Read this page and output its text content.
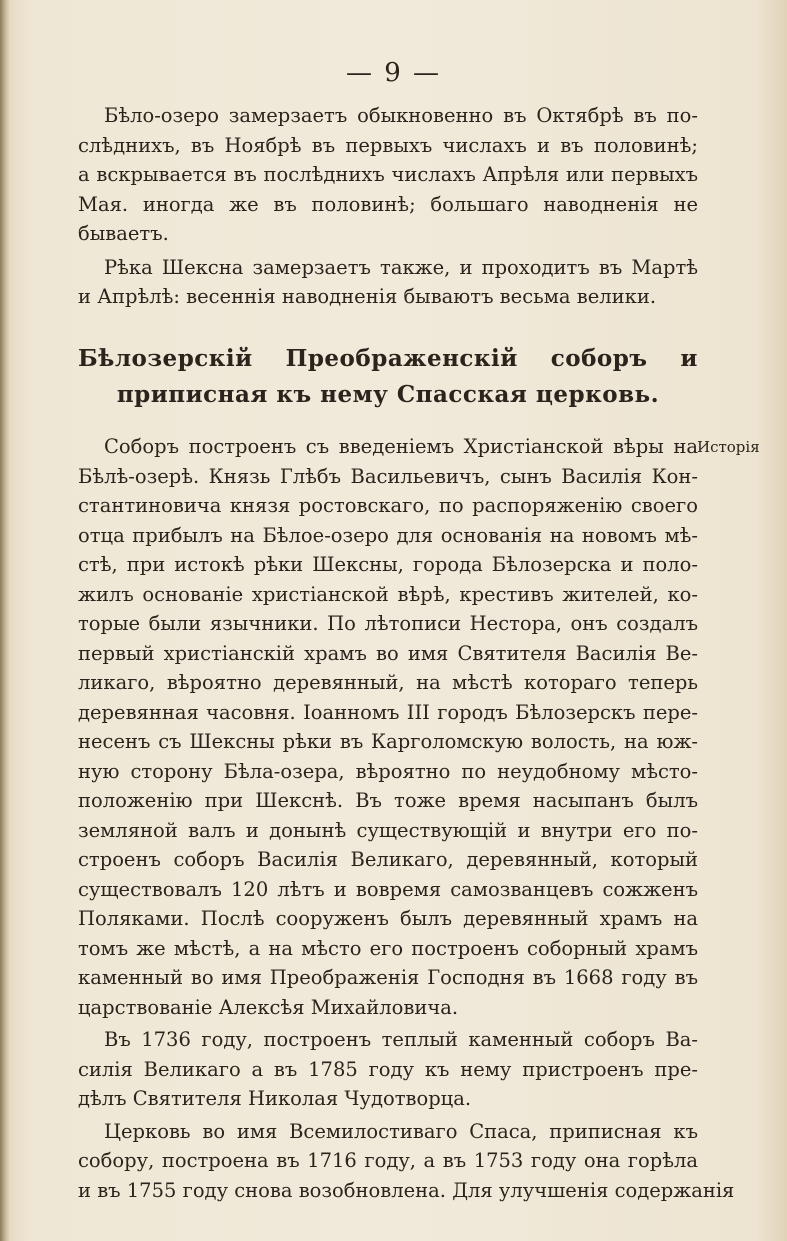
— 9 —
Бѣло-озеро замерзаетъ обыкновенно въ Октябрѣ въ по-
слѣднихъ, въ Ноябрѣ въ первыхъ числахъ и въ половинѣ;
а вскрывается въ послѣднихъ числахъ Апрѣля или первыхъ
Мая. иногда же въ половинѣ; большаго наводненія не
бываетъ.
Рѣка Шексна замерзаетъ также, и проходитъ въ Мартѣ
и Апрѣлѣ: весеннія наводненія бываютъ весьма велики.
Бѣлозерскій Преображенскій соборъ и
приписная къ нему Спасская церковь.
Исторія
Соборъ построенъ съ введеніемъ Христіанской вѣры на
Бѣлѣ-озерѣ. Князь Глѣбъ Васильевичъ, сынъ Василія Кон-
стантиновича князя ростовскаго, по распоряженію своего
отца прибылъ на Бѣлое-озеро для основанія на новомъ мѣ-
стѣ, при истокѣ рѣки Шексны, города Бѣлозерска и поло-
жилъ основаніе христіанской вѣрѣ, крестивъ жителей, ко-
торые были язычники. По лѣтописи Нестора, онъ создалъ
первый христіанскій храмъ во имя Святителя Василія Ве-
ликаго, вѣроятно деревянный, на мѣстѣ котораго теперь
деревянная часовня. Іоанномъ III городъ Бѣлозерскъ пере-
несенъ съ Шексны рѣки въ Карголомскую волость, на юж-
ную сторону Бѣла-озера, вѣроятно по неудобному мѣсто-
положенію при Шекснѣ. Въ тоже время насыпанъ былъ
земляной валъ и донынѣ существующій и внутри его по-
строенъ соборъ Василія Великаго, деревянный, который
существовалъ 120 лѣтъ и вовремя самозванцевъ сожженъ
Поляками. Послѣ сооруженъ былъ деревянный храмъ на
томъ же мѣстѣ, а на мѣсто его построенъ соборный храмъ
каменный во имя Преображенія Господня въ 1668 году въ
царствованіе Алексѣя Михайловича.
Въ 1736 году, построенъ теплый каменный соборъ Ва-
силія Великаго а въ 1785 году къ нему пристроенъ пре-
дѣлъ Святителя Николая Чудотворца.
Церковь во имя Всемилостиваго Спаса, приписная къ
собору, построена въ 1716 году, а въ 1753 году она горѣла
и въ 1755 году снова возобновлена. Для улучшенія содержанія
